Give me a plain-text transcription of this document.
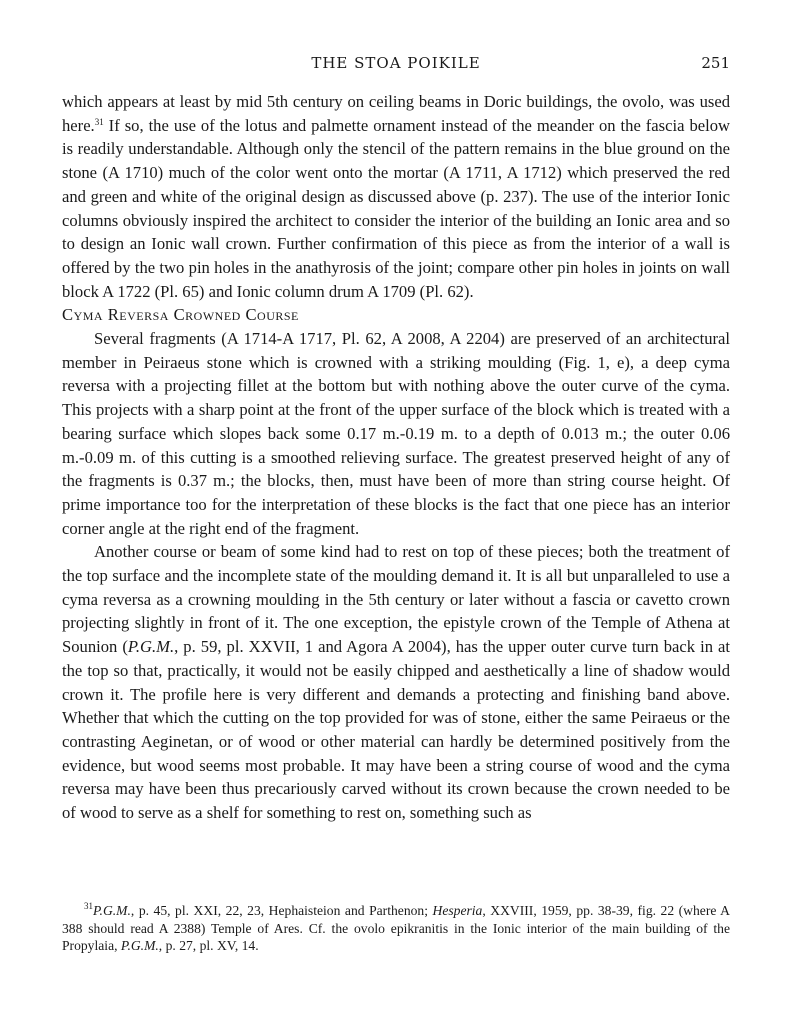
THE STOA POIKILE	251

which appears at least by mid 5th century on ceiling beams in Doric buildings, the ovolo, was used here.$^{31}$ If so, the use of the lotus and palmette ornament instead of the meander on the fascia below is readily understandable. Although only the stencil of the pattern remains in the blue ground on the stone (A 1710) much of the color went onto the mortar (A 1711, A 1712) which preserved the red and green and white of the original design as discussed above (p. 237). The use of the interior Ionic columns obviously inspired the architect to consider the interior of the building an Ionic area and so to design an Ionic wall crown. Further confirmation of this piece as from the interior of a wall is offered by the two pin holes in the anathyrosis of the joint; compare other pin holes in joints on wall block A 1722 (Pl. 65) and Ionic column drum A 1709 (Pl. 62).

Cyma Reversa Crowned Course

Several fragments (A 1714-A 1717, Pl. 62, A 2008, A 2204) are preserved of an architectural member in Peiraeus stone which is crowned with a striking moulding (Fig. 1, e), a deep cyma reversa with a projecting fillet at the bottom but with nothing above the outer curve of the cyma. This projects with a sharp point at the front of the upper surface of the block which is treated with a bearing surface which slopes back some 0.17 m.-0.19 m. to a depth of 0.013 m.; the outer 0.06 m.-0.09 m. of this cutting is a smoothed relieving surface. The greatest preserved height of any of the fragments is 0.37 m.; the blocks, then, must have been of more than string course height. Of prime importance too for the interpretation of these blocks is the fact that one piece has an interior corner angle at the right end of the fragment.

Another course or beam of some kind had to rest on top of these pieces; both the treatment of the top surface and the incomplete state of the moulding demand it. It is all but unparalleled to use a cyma reversa as a crowning moulding in the 5th century or later without a fascia or cavetto crown projecting slightly in front of it. The one exception, the epistyle crown of the Temple of Athena at Sounion (P.G.M., p. 59, pl. XXVII, 1 and Agora A 2004), has the upper outer curve turn back in at the top so that, practically, it would not be easily chipped and aesthetically a line of shadow would crown it. The profile here is very different and demands a protecting and finishing band above. Whether that which the cutting on the top provided for was of stone, either the same Peiraeus or the contrasting Aeginetan, or of wood or other material can hardly be determined positively from the evidence, but wood seems most probable. It may have been a string course of wood and the cyma reversa may have been thus precariously carved without its crown because the crown needed to be of wood to serve as a shelf for something to rest on, something such as

$^{31}$P.G.M., p. 45, pl. XXI, 22, 23, Hephaisteion and Parthenon; Hesperia, XXVIII, 1959, pp. 38-39, fig. 22 (where A 388 should read A 2388) Temple of Ares. Cf. the ovolo epikranitis in the Ionic interior of the main building of the Propylaia, P.G.M., p. 27, pl. XV, 14.
